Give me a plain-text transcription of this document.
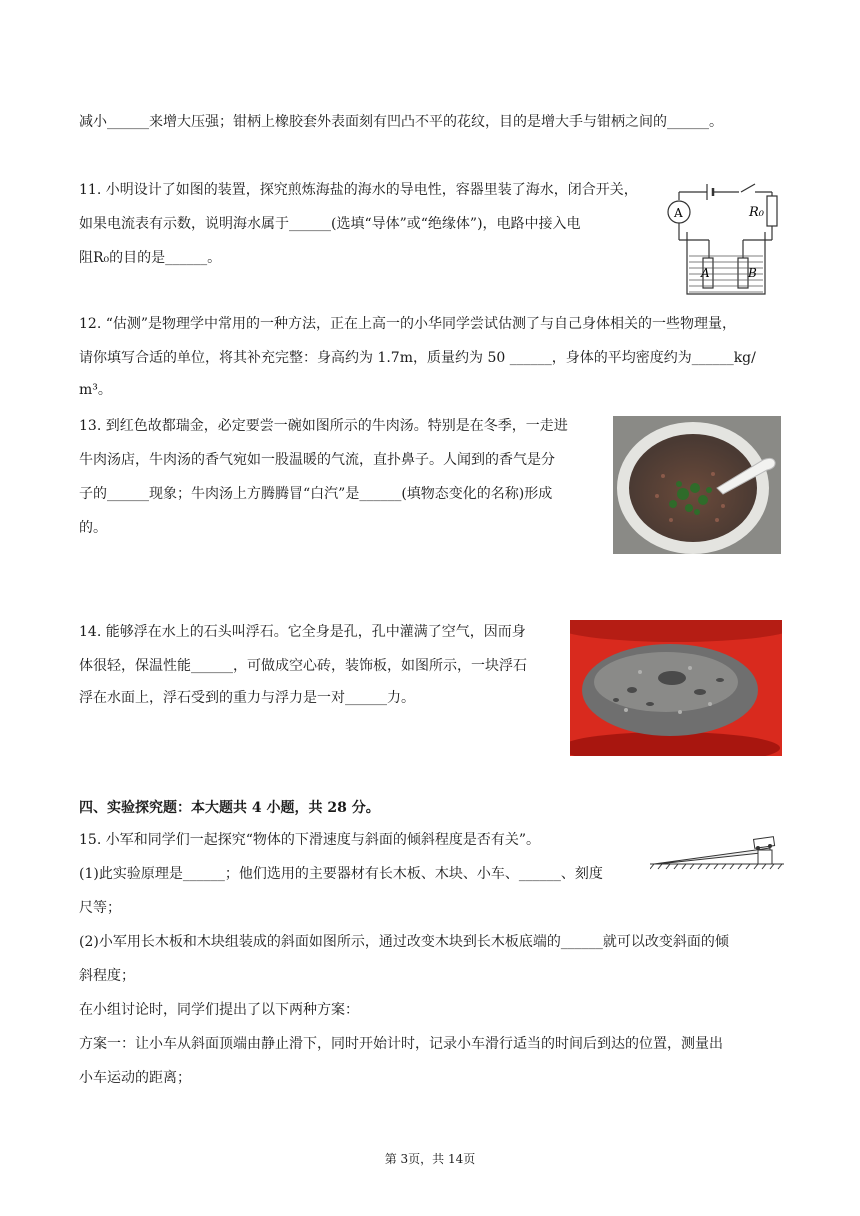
减小______来增大压强；钳柄上橡胶套外表面刻有凹凸不平的花纹，目的是增大手与钳柄之间的______。
11. 小明设计了如图的装置，探究煎炼海盐的海水的导电性，容器里装了海水，闭合开关，
如果电流表有示数，说明海水属于______(选填“导体”或“绝缘体”)，电路中接入电
阻R₀的目的是______。
A	R₀
A	B
12. “估测”是物理学中常用的一种方法，正在上高一的小华同学尝试估测了与自己身体相关的一些物理量，
请你填写合适的单位，将其补充完整：身高约为 1.7m，质量约为 50 ______，身体的平均密度约为______kg/
m³。
13. 到红色故都瑞金，必定要尝一碗如图所示的牛肉汤。特别是在冬季，一走进
牛肉汤店，牛肉汤的香气宛如一股温暖的气流，直扑鼻子。人闻到的香气是分
子的______现象；牛肉汤上方腾腾冒“白汽”是______(填物态变化的名称)形成
的。
14. 能够浮在水上的石头叫浮石。它全身是孔，孔中灌满了空气，因而身
体很轻，保温性能______，可做成空心砖，装饰板，如图所示，一块浮石
浮在水面上，浮石受到的重力与浮力是一对______力。
四、实验探究题：本大题共 4 小题，共 28 分。
15. 小军和同学们一起探究“物体的下滑速度与斜面的倾斜程度是否有关”。
(1)此实验原理是______；他们选用的主要器材有长木板、木块、小车、______、刻度
尺等；
(2)小军用长木板和木块组装成的斜面如图所示，通过改变木块到长木板底端的______就可以改变斜面的倾
斜程度；
在小组讨论时，同学们提出了以下两种方案：
方案一：让小车从斜面顶端由静止滑下，同时开始计时，记录小车滑行适当的时间后到达的位置，测量出
小车运动的距离；
第 3页，共 14页
